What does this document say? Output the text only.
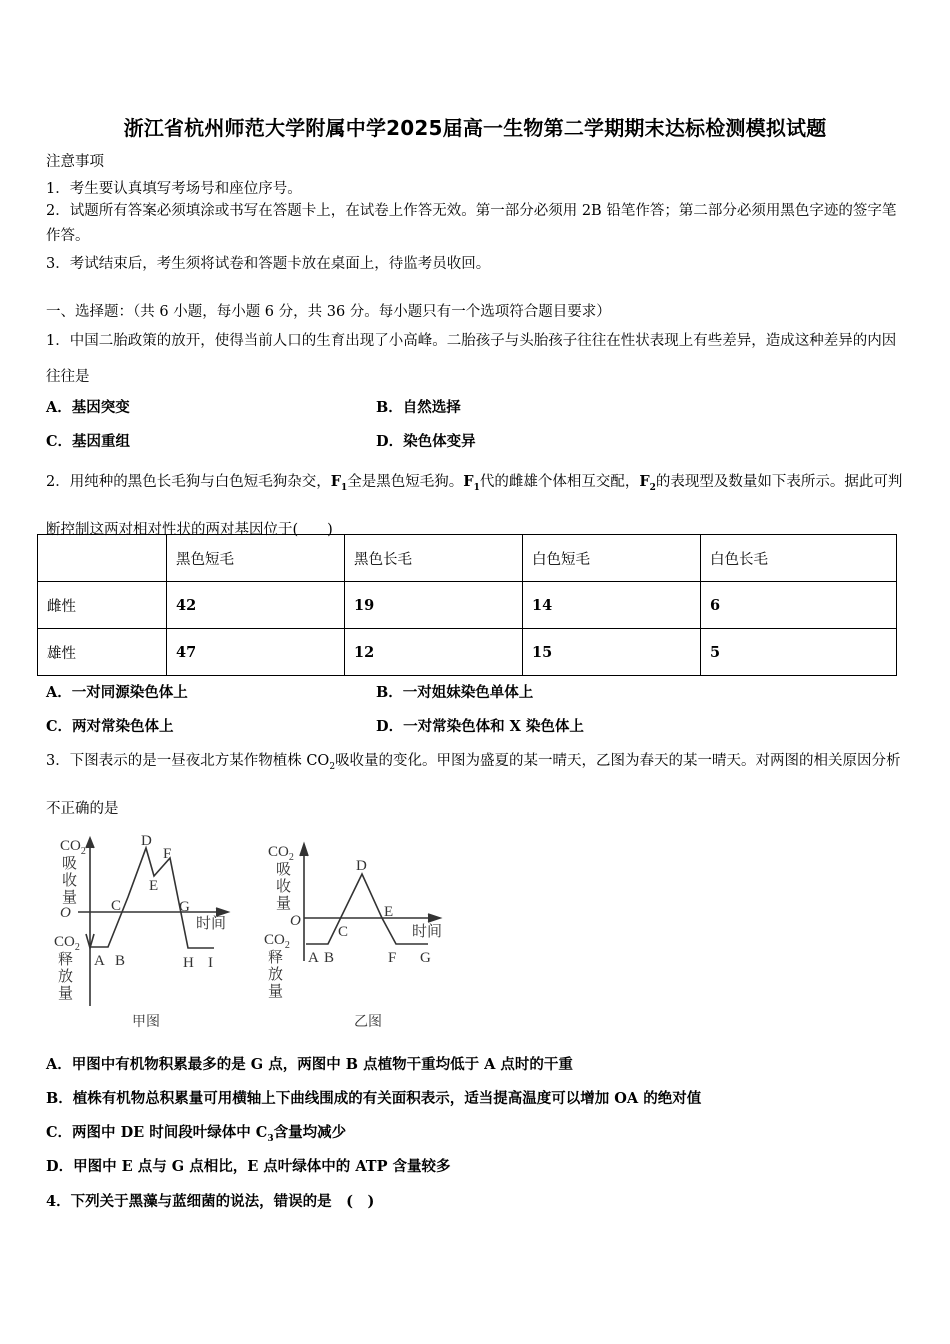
浙江省杭州师范大学附属中学2025届高一生物第二学期期末达标检测模拟试题
注意事项
1．考生要认真填写考场号和座位序号。
2．试题所有答案必须填涂或书写在答题卡上，在试卷上作答无效。第一部分必须用 2B 铅笔作答；第二部分必须用黑色字迹的签字笔作答。
3．考试结束后，考生须将试卷和答题卡放在桌面上，待监考员收回。
一、选择题：（共 6 小题，每小题 6 分，共 36 分。每小题只有一个选项符合题目要求）
1．中国二胎政策的放开，使得当前人口的生育出现了小高峰。二胎孩子与头胎孩子往往在性状表现上有些差异，造成这种差异的内因往往是
A．基因突变	B．自然选择
C．基因重组	D．染色体变异
2．用纯种的黑色长毛狗与白色短毛狗杂交，$F_1$全是黑色短毛狗。$F_1$代的雌雄个体相互交配，$F_2$的表现型及数量如下表所示。据此可判断控制这两对相对性状的两对基因位于(　　)
	黑色短毛	黑色长毛	白色短毛	白色长毛
雌性	42	19	14	6
雄性	47	12	15	5
A．一对同源染色体上	B．一对姐妹染色单体上
C．两对常染色体上	D．一对常染色体和 X 染色体上
3．下图表示的是一昼夜北方某作物植株 $CO_2$吸收量的变化。甲图为盛夏的某一晴天，乙图为春天的某一晴天。对两图的相关原因分析不正确的是
$CO_2$
吸
收
量
O
$CO_2$
释
放
量
时间
甲图
A B
C
D
E
F
G
H I
$CO_2$
吸
收
量
O
$CO_2$
释
放
量
时间
乙图
A B
C
D
E
F G
A．甲图中有机物积累最多的是 G 点，两图中 B 点植物干重均低于 A 点时的干重
B．植株有机物总积累量可用横轴上下曲线围成的有关面积表示，适当提高温度可以增加 OA 的绝对值
C．两图中 DE 时间段叶绿体中 $C_3$含量均减少
D．甲图中 E 点与 G 点相比，E 点叶绿体中的 ATP 含量较多
4．下列关于黑藻与蓝细菌的说法，错误的是　(　)
